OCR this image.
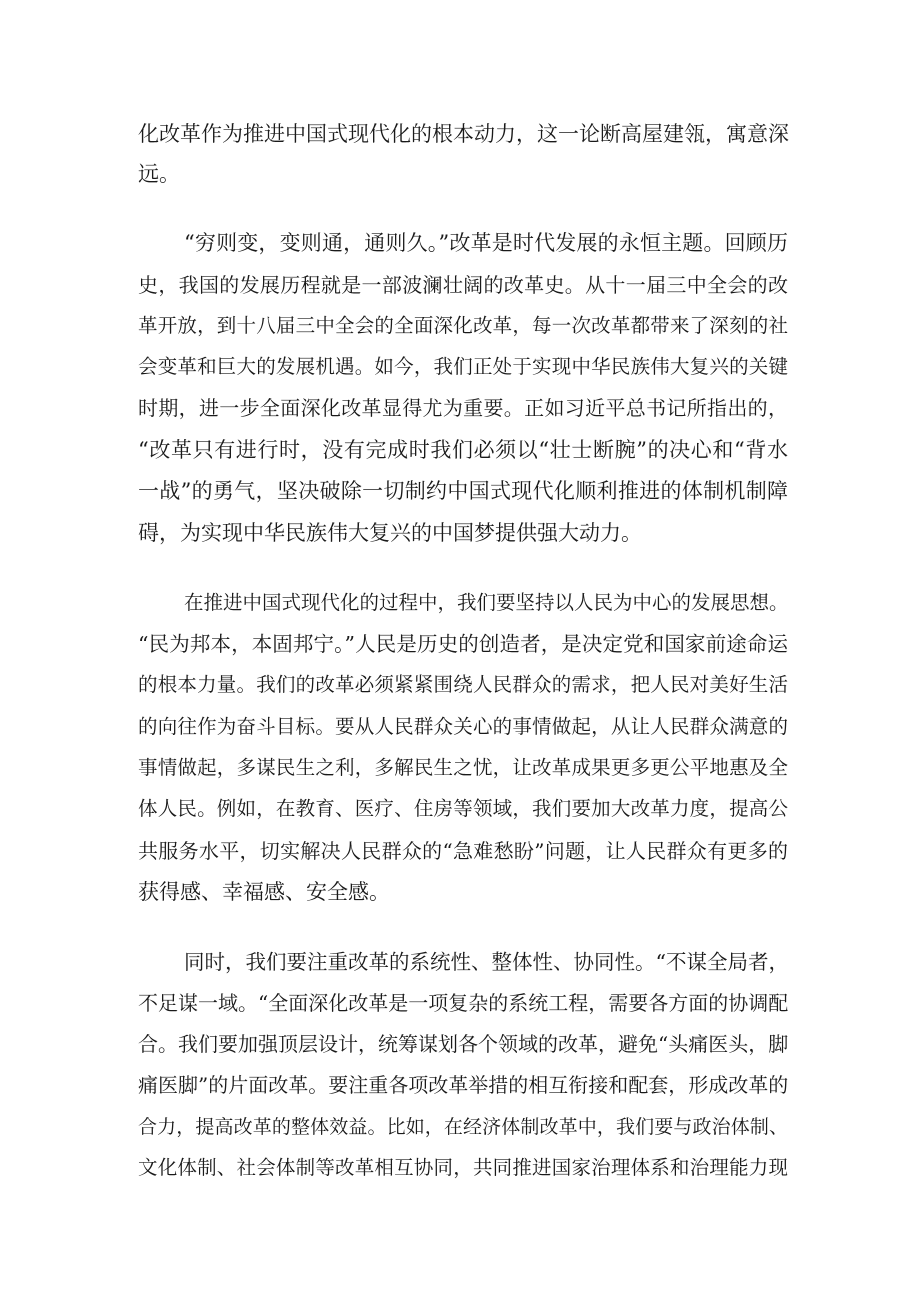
化改革作为推进中国式现代化的根本动力，这一论断高屋建瓴，寓意深
远。
“穷则变，变则通，通则久。”改革是时代发展的永恒主题。回顾历
史，我国的发展历程就是一部波澜壮阔的改革史。从十一届三中全会的改
革开放，到十八届三中全会的全面深化改革，每一次改革都带来了深刻的社
会变革和巨大的发展机遇。如今，我们正处于实现中华民族伟大复兴的关键
时期，进一步全面深化改革显得尤为重要。正如习近平总书记所指出的，
“改革只有进行时，没有完成时我们必须以“壮士断腕”的决心和“背水
一战”的勇气，坚决破除一切制约中国式现代化顺利推进的体制机制障
碍，为实现中华民族伟大复兴的中国梦提供强大动力。
在推进中国式现代化的过程中，我们要坚持以人民为中心的发展思想。
“民为邦本，本固邦宁。”人民是历史的创造者，是决定党和国家前途命运
的根本力量。我们的改革必须紧紧围绕人民群众的需求，把人民对美好生活
的向往作为奋斗目标。要从人民群众关心的事情做起，从让人民群众满意的
事情做起，多谋民生之利，多解民生之忧，让改革成果更多更公平地惠及全
体人民。例如，在教育、医疗、住房等领域，我们要加大改革力度，提高公
共服务水平，切实解决人民群众的“急难愁盼”问题，让人民群众有更多的
获得感、幸福感、安全感。
同时，我们要注重改革的系统性、整体性、协同性。“不谋全局者，
不足谋一域。“全面深化改革是一项复杂的系统工程，需要各方面的协调配
合。我们要加强顶层设计，统筹谋划各个领域的改革，避免“头痛医头，脚
痛医脚”的片面改革。要注重各项改革举措的相互衔接和配套，形成改革的
合力，提高改革的整体效益。比如，在经济体制改革中，我们要与政治体制、
文化体制、社会体制等改革相互协同，共同推进国家治理体系和治理能力现
